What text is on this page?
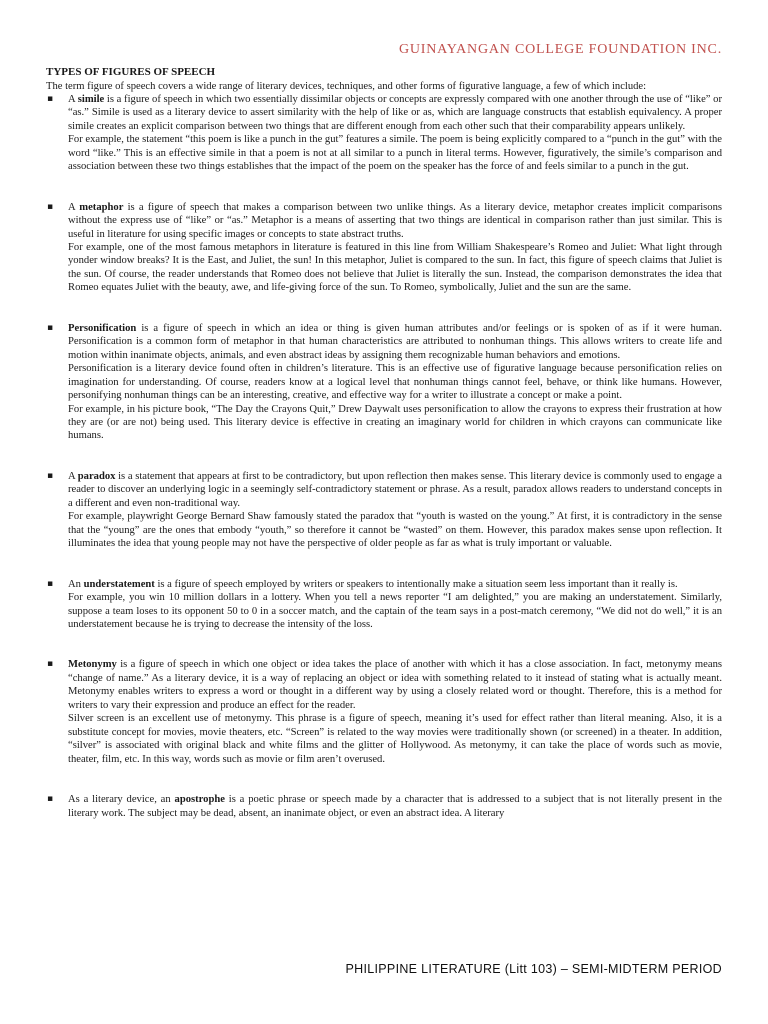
GUINAYANGAN COLLEGE FOUNDATION INC.

TYPES OF FIGURES OF SPEECH

The term figure of speech covers a wide range of literary devices, techniques, and other forms of figurative language, a few of which include:

▪ A simile is a figure of speech in which two essentially dissimilar objects or concepts are expressly compared with one another through the use of “like” or “as.” Simile is used as a literary device to assert similarity with the help of like or as, which are language constructs that establish equivalency. A proper simile creates an explicit comparison between two things that are different enough from each other such that their comparability appears unlikely.

For example, the statement “this poem is like a punch in the gut” features a simile. The poem is being explicitly compared to a “punch in the gut” with the word “like.” This is an effective simile in that a poem is not at all similar to a punch in literal terms. However, figuratively, the simile’s comparison and association between these two things establishes that the impact of the poem on the speaker has the force of and feels similar to a punch in the gut.

▪ A metaphor is a figure of speech that makes a comparison between two unlike things. As a literary device, metaphor creates implicit comparisons without the express use of “like” or “as.” Metaphor is a means of asserting that two things are identical in comparison rather than just similar. This is useful in literature for using specific images or concepts to state abstract truths.

For example, one of the most famous metaphors in literature is featured in this line from William Shakespeare’s Romeo and Juliet: What light through yonder window breaks? It is the East, and Juliet, the sun! In this metaphor, Juliet is compared to the sun. In fact, this figure of speech claims that Juliet is the sun. Of course, the reader understands that Romeo does not believe that Juliet is literally the sun. Instead, the comparison demonstrates the idea that Romeo equates Juliet with the beauty, awe, and life-giving force of the sun. To Romeo, symbolically, Juliet and the sun are the same.

▪ Personification is a figure of speech in which an idea or thing is given human attributes and/or feelings or is spoken of as if it were human. Personification is a common form of metaphor in that human characteristics are attributed to nonhuman things. This allows writers to create life and motion within inanimate objects, animals, and even abstract ideas by assigning them recognizable human behaviors and emotions.

Personification is a literary device found often in children’s literature. This is an effective use of figurative language because personification relies on imagination for understanding. Of course, readers know at a logical level that nonhuman things cannot feel, behave, or think like humans. However, personifying nonhuman things can be an interesting, creative, and effective way for a writer to illustrate a concept or make a point.

For example, in his picture book, “The Day the Crayons Quit,” Drew Daywalt uses personification to allow the crayons to express their frustration at how they are (or are not) being used. This literary device is effective in creating an imaginary world for children in which crayons can communicate like humans.

▪ A paradox is a statement that appears at first to be contradictory, but upon reflection then makes sense. This literary device is commonly used to engage a reader to discover an underlying logic in a seemingly self-contradictory statement or phrase. As a result, paradox allows readers to understand concepts in a different and even non-traditional way.

For example, playwright George Bernard Shaw famously stated the paradox that “youth is wasted on the young.” At first, it is contradictory in the sense that the “young” are the ones that embody “youth,” so therefore it cannot be “wasted” on them. However, this paradox makes sense upon reflection. It illuminates the idea that young people may not have the perspective of older people as far as what is truly important or valuable.

▪ An understatement is a figure of speech employed by writers or speakers to intentionally make a situation seem less important than it really is.

For example, you win 10 million dollars in a lottery. When you tell a news reporter “I am delighted,” you are making an understatement. Similarly, suppose a team loses to its opponent 50 to 0 in a soccer match, and the captain of the team says in a post-match ceremony, “We did not do well,” it is an understatement because he is trying to decrease the intensity of the loss.

▪ Metonymy is a figure of speech in which one object or idea takes the place of another with which it has a close association. In fact, metonymy means “change of name.” As a literary device, it is a way of replacing an object or idea with something related to it instead of stating what is actually meant. Metonymy enables writers to express a word or thought in a different way by using a closely related word or thought. Therefore, this is a method for writers to vary their expression and produce an effect for the reader.

Silver screen is an excellent use of metonymy. This phrase is a figure of speech, meaning it’s used for effect rather than literal meaning. Also, it is a substitute concept for movies, movie theaters, etc. “Screen” is related to the way movies were traditionally shown (or screened) in a theater. In addition, “silver” is associated with original black and white films and the glitter of Hollywood. As metonymy, it can take the place of words such as movie, theater, film, etc. In this way, words such as movie or film aren’t overused.

▪ As a literary device, an apostrophe is a poetic phrase or speech made by a character that is addressed to a subject that is not literally present in the literary work. The subject may be dead, absent, an inanimate object, or even an abstract idea. A literary

PHILIPPINE LITERATURE (Litt 103) – SEMI-MIDTERM PERIOD
